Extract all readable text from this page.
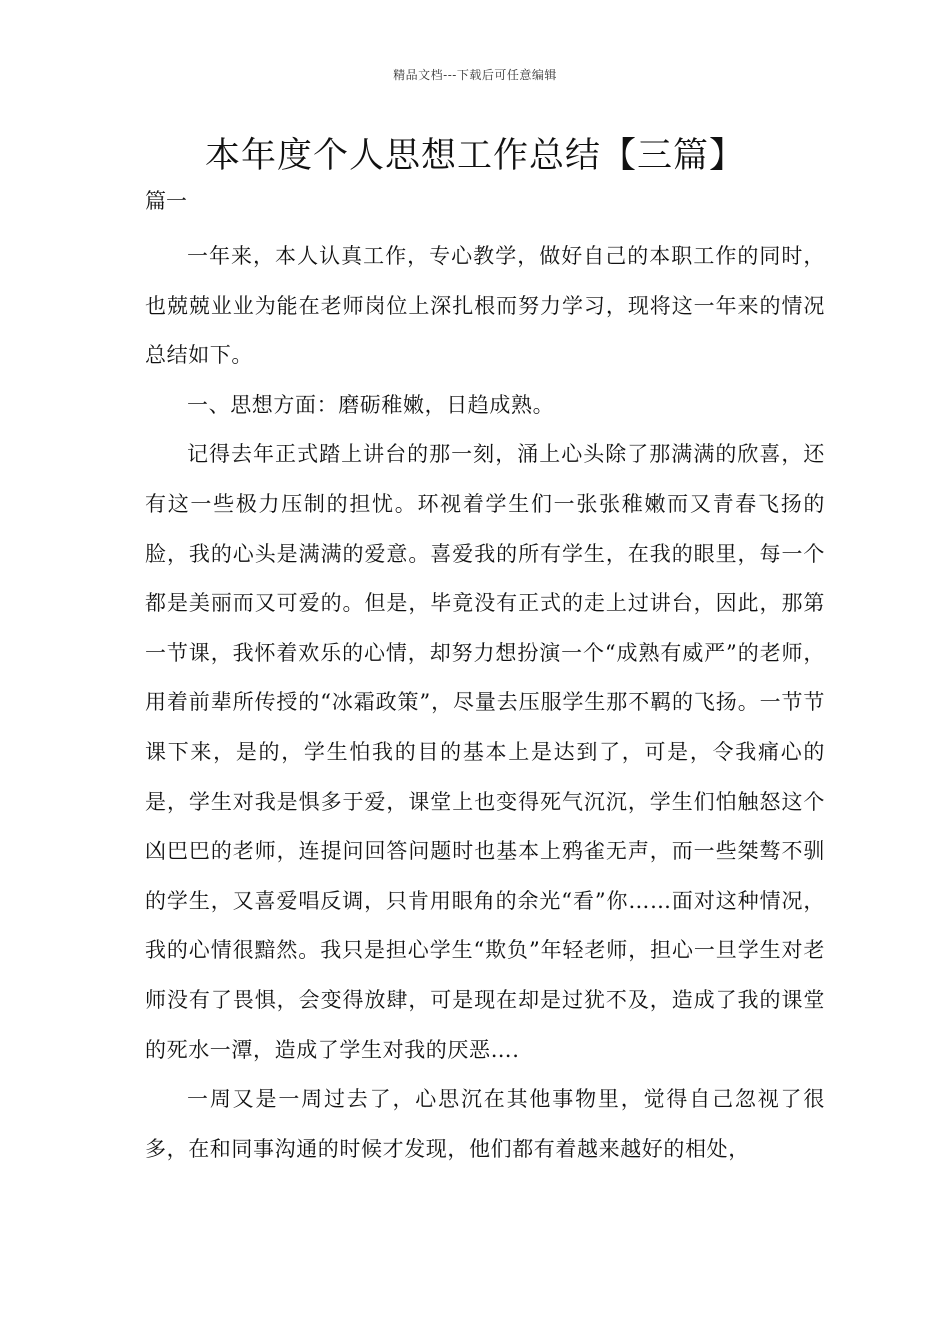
精品文档---下载后可任意编辑
本年度个人思想工作总结【三篇】
篇一

一年来，本人认真工作，专心教学，做好自己的本职工作的同时，也兢兢业业为能在老师岗位上深扎根而努力学习，现将这一年来的情况总结如下。

一、思想方面：磨砺稚嫩，日趋成熟。

记得去年正式踏上讲台的那一刻，涌上心头除了那满满的欣喜，还有这一些极力压制的担忧。环视着学生们一张张稚嫩而又青春飞扬的脸，我的心头是满满的爱意。喜爱我的所有学生，在我的眼里，每一个都是美丽而又可爱的。但是，毕竟没有正式的走上过讲台，因此，那第一节课，我怀着欢乐的心情，却努力想扮演一个“成熟有威严”的老师，用着前辈所传授的“冰霜政策”，尽量去压服学生那不羁的飞扬。一节节课下来，是的，学生怕我的目的基本上是达到了，可是，令我痛心的是，学生对我是惧多于爱，课堂上也变得死气沉沉，学生们怕触怒这个凶巴巴的老师，连提问回答问题时也基本上鸦雀无声，而一些桀骜不驯的学生，又喜爱唱反调，只肯用眼角的余光“看”你……面对这种情况，我的心情很黯然。我只是担心学生“欺负”年轻老师，担心一旦学生对老师没有了畏惧，会变得放肆，可是现在却是过犹不及，造成了我的课堂的死水一潭，造成了学生对我的厌恶….

一周又是一周过去了，心思沉在其他事物里，觉得自己忽视了很多，在和同事沟通的时候才发现，他们都有着越来越好的相处，
